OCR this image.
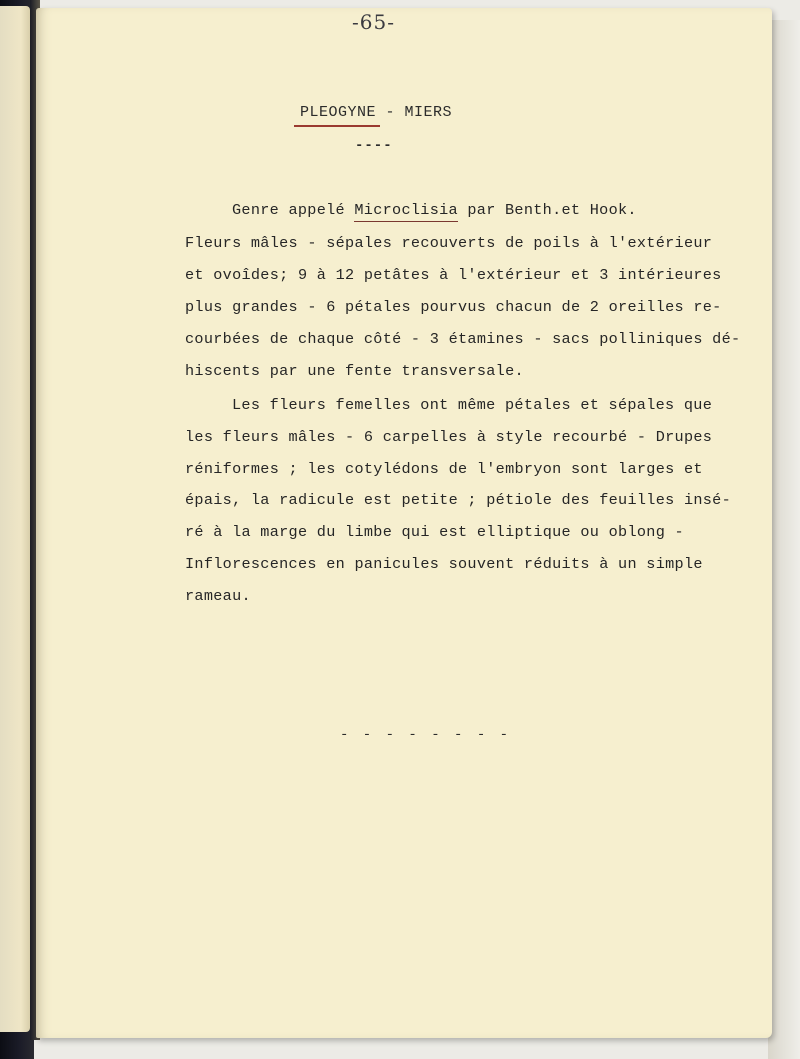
-65-
PLEOGYNE - MIERS
----
Genre appelé Microclisia par Benth.et Hook.
Fleurs mâles - sépales recouverts de poils à l'extérieur
et ovoîdes; 9 à 12 petâtes à l'extérieur et 3 intérieures
plus grandes - 6 pétales pourvus chacun de 2 oreilles re-
courbées de chaque côté - 3 étamines - sacs polliniques dé-
hiscents par une fente transversale.
Les fleurs femelles ont même pétales et sépales que
les fleurs mâles - 6 carpelles à style recourbé - Drupes
réniformes ; les cotylédons de l'embryon sont larges et
épais, la radicule est petite ; pétiole des feuilles insé-
ré à la marge du limbe qui est elliptique ou oblong -
Inflorescences en panicules souvent réduits à un simple
rameau.
- - - - - - - -
